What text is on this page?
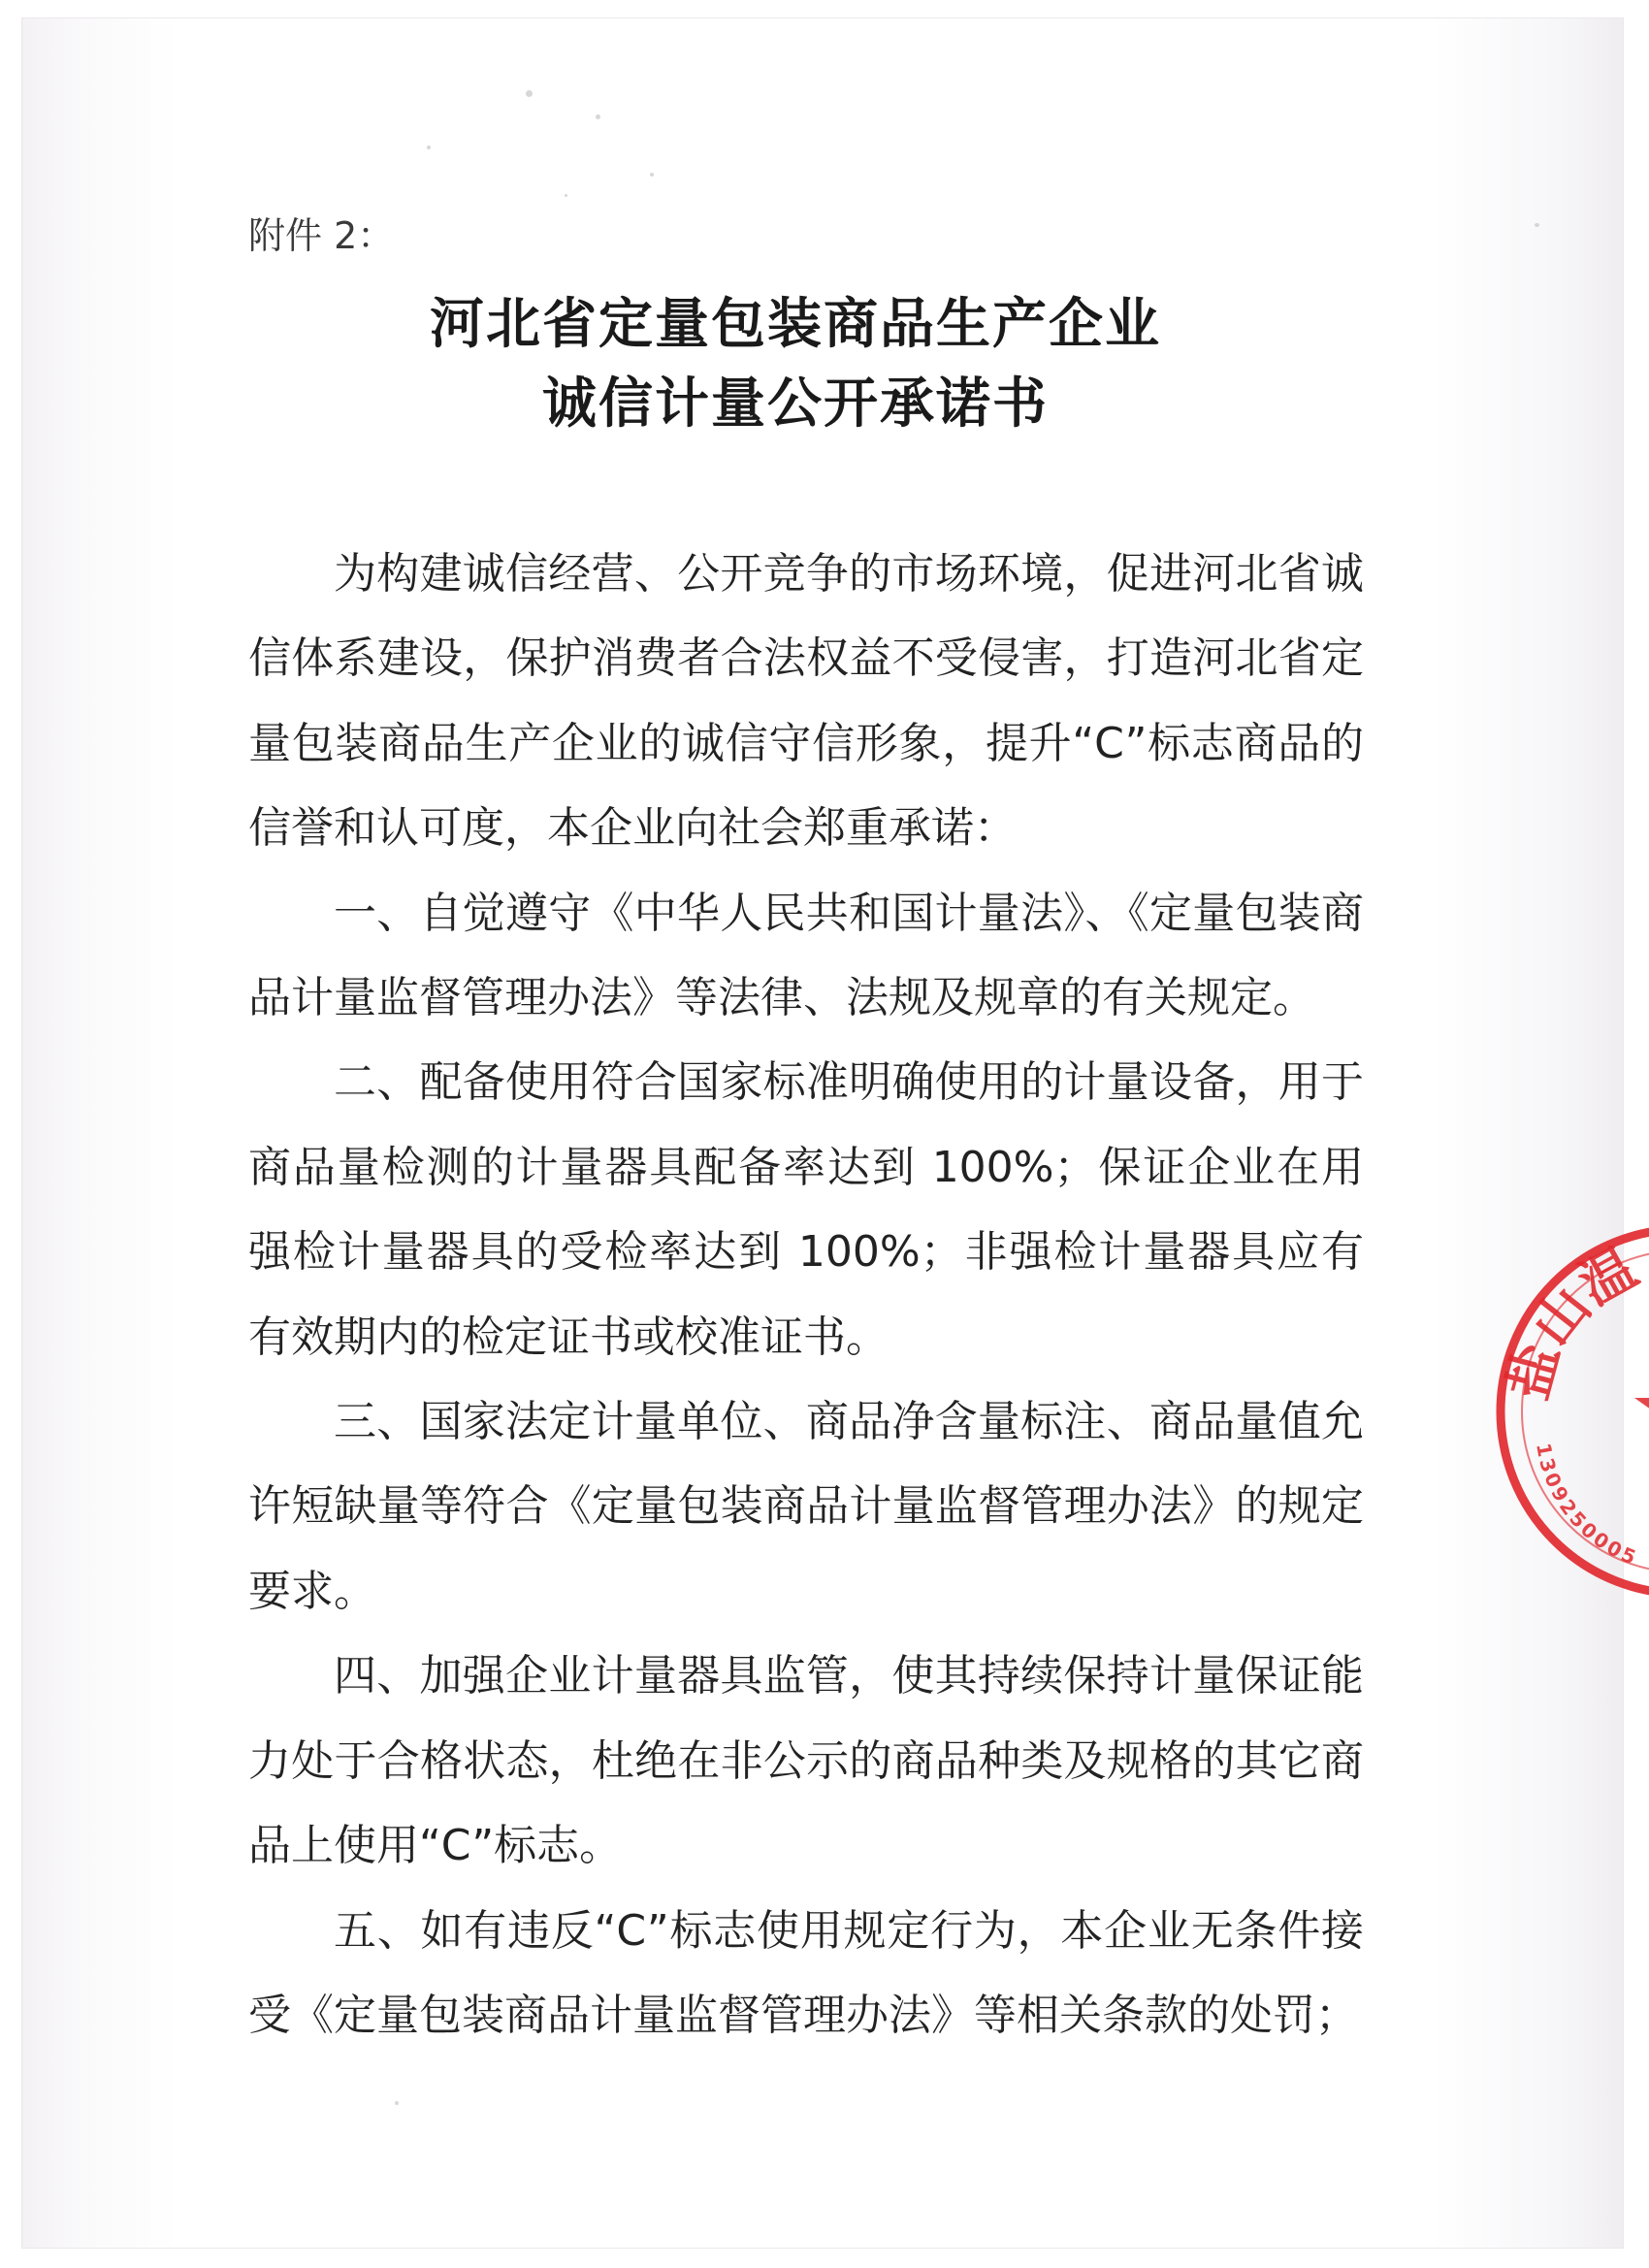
附件 2：
河北省定量包装商品生产企业
诚信计量公开承诺书

为构建诚信经营、公开竞争的市场环境，促进河北省诚信体系建设，保护消费者合法权益不受侵害，打造河北省定量包装商品生产企业的诚信守信形象，提升“C”标志商品的信誉和认可度，本企业向社会郑重承诺：

一、自觉遵守《中华人民共和国计量法》、《定量包装商品计量监督管理办法》等法律、法规及规章的有关规定。

二、配备使用符合国家标准明确使用的计量设备，用于商品量检测的计量器具配备率达到 100%；保证企业在用强检计量器具的受检率达到 100%；非强检计量器具应有有效期内的检定证书或校准证书。

三、国家法定计量单位、商品净含量标注、商品量值允许短缺量等符合《定量包装商品计量监督管理办法》的规定要求。

四、加强企业计量器具监管，使其持续保持计量保证能力处于合格状态，杜绝在非公示的商品种类及规格的其它商品上使用“C”标志。

五、如有违反“C”标志使用规定行为，本企业无条件接受《定量包装商品计量监督管理办法》等相关条款的处罚；

盐山温
1309250005
